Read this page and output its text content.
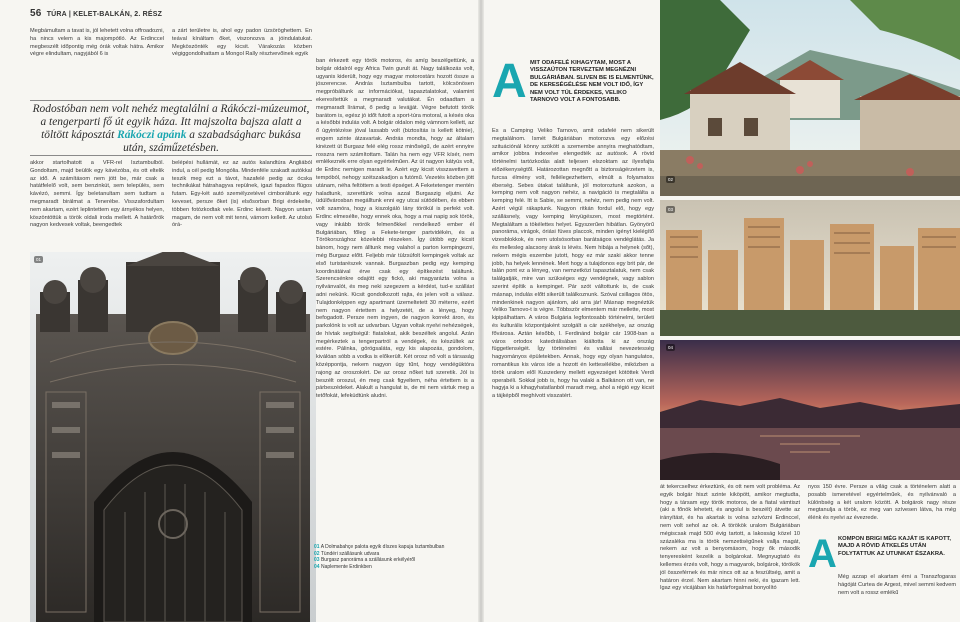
56 TÚRA | KELET-BALKÁN, 2. RÉSZ

Megbámultam a tavat is, jól lehetett volna offroadozni, ha nincs velem a kis majompótló. Az Erdinccel megbeszélt időpontig még órák voltak hátra. Amikor végre elindultam, nagyjából 6 is

a zárt területre is, ahol egy padon üzsöröghettem. Én teával kínáltam őket, viszonozva a jóindulatukat. Megköszönték egy kicsit. Várakozás közben végiggondolhattam a Mongol Rally résztvevőinek egyik

Rodostóban nem volt nehéz megtalálni a Rákóczi-múzeumot, a tengerparti fő út egyik háza. Itt majszolta bajsza alatt a töltött káposztát Rákóczi apánk a szabadságharc bukása után, száműzetésben.

akkor startolhatott a VFR-rel Isztambulból. Gondoltam, majd beülök egy kávézóba, és ott eltelik az idő. A számításom nem jött be, már csak a hatátfelelő volt, sem benzinkút, sem település, sem kávézó, semmi. Így beletanultam sem tudtam a megmaradt birálmat a Tenerébe. Visszafordultam nem akartam, ezért leplintettem egy árnyékos helyen, köszöntöttük a török oldali iroda mellett. A határőrök nagyon kedvesek voltak, beengedtek

belépési hullámát, ez az autós kalandtúra Angliából indul, a cél pedig Mongólia. Mindenféle szakadt autókkal teszik meg ezt a távot, hazafelé pedig az ócska technikákat hátrahagyva repülnek, igazi fapados flügos futam. Egy-két autó személyzetével cimboráltunk egy keveset, persze őket (is) elsősorban Brigi érdekelte, többen fotózkodtak vele. Erdinc késett. Nagyon untam magam, de nem volt mit tenni, várnom kellett. Az utolsó órá-

01
01 A Dolmabahçe palota egyik díszes kapuja Isztambulban
02 Tündéri szállásunk udvara
03 Burgasz panoráma a szállásunk erkélyéről
04 Naplemente Erdinkben

ban érkezett egy török motoros, és amíg beszélgettünk, a bolgár oldalról egy Africa Twin gurult át. Nagy találkozás volt, ugyanis kiderült, hogy egy magyar motorostárs hozott össze a jószerencse. András Isztambulba tartott, kölcsönösen megpróbáltunk az információkat, tapasztalatokat, valamint ekeresítettük a megmaradt valutákat. Én odaadtam a megmaradt lírámat, ő pedig a levájját. Végre befutott török barátom is, egész jó időt futott a sport-túra motoral, a késés oka a későbbi indulás volt. A bolgár oldalon még vámnom kellett, az ő úgyintézése jóval lassabb volt (biztosítás is kellett kötnie), engem szinte átzavartak. András mondta, hogy az általam kinézett út Burgasz felé elég rossz minőségű, de azért ennyire rosszra nem számítottam. Talán ha nem egy VFR kísér, nem emlékeznék erre olyan egyértelműen. Az út nagyon kátyús volt, de Erdinc nemigen maradt le. Azért egy kicsit visszavettem a tempóból, nehogy szétszakadjon a futómű. Vezetés közben jött utánam, néha feltöttem a testi épséget. A Feketetenger mentén haladtunk, szerettünk volna azzal Burgaszig eljutni. Az üdülővárosban megálltunk enni egy utcai sütödében, és ebben volt szamóra, hogy a kiszolgáló lány törökül is perfekt volt. Erdinc elmesélte, hogy ennek oka, hogy a mai napig sok török, vagy inkább török felmenőkkel rendelkező ember él Bulgáriában, főleg a Fekete-tenger partvidékén, és a Törökországhoz közelebbi részeken. Így útóbb egy kicsit bánom, hogy nem álltunk meg valahol a parton kempingezni, még Burgasz előtt. Feljebb már tülzsúfolt kempingek voltak az első turistarészek vannak. Burgaszban pedig egy kemping koordinátáival érve csak egy építkezést találtunk. Szerencsénkre odajött egy fickó, aki magyarázta volna a nyilvánvalót, és meg neki szegezem a kérdést, tud-e szállást adni nekünk. Kicsit gondolkozott rajta, és jelen volt a válasz. Tulajdonképpen egy apartmant üzemeltetett 30 méterre, ezért nem nagyon értettem a helyzetét, de a lényeg, hogy befogadott. Persze nem ingyen, de nagyon korrekt áron, és parkolónk is volt az udvarban. Ugyan voltak nyelvi nehézségek, de hívtak segítségül: fiatalokat, akik beszéltek angolul. Azán megérkeztek a tengerpartról a vendégek, és készültek az estére. Pálinka, görögsaláta, egy kis alapozás, gondolom, kiválóan sóbb a vodka is előkerült. Két orosz nő volt a társaság középpontja, nekem nagyon úgy tűnt, hogy vendégüktóra rajong az oroszokért. De az orosz nőket tuti szeretik. Jól is beszélt oroszul, én meg csak figyeltem, néha értettem is a párbeszédeket. Alakult a hangulat is, de mi nem vártuk meg a tetőfokát, lefeküdtünk aludni.

A MIT ODAFELÉ KIHAGYTAM, MOST A VISSZAÚTON TERVEZTEM MEGNÉZNI BULGÁRIÁBAN. SLIVEN BE IS ELMENTÜNK, DE KERESÉGÉLÉSE NEM VOLT IDŐ, ÍGY NEM VOLT TÚL ÉRDEKES, VELIKO TARNOVO VOLT A FONTOSABB.

És a Camping Veliko Tarnovo, amit odafelé nem sikerült megtalálnom. Ismét Bulgáriában motorozva egy előzési szituációnál könny szökött a szemembe annyira meghatódtam, amikor jobbra indexelve elengedték az autósok. A rövid történelmi tartózkodás alatt teljesen elszoktam az ilyesfajta előzékenységtől. Határozottan megnőtt a biztonságérzetem is, furcsa élmény volt, fellélegezhettem, elmúlt a folyamatos éberség. Sebes útakat találtunk, jól motoroztunk azokon, a kemping nem volt nagyon nehéz, a navigáció is megtalálta a kemping felé. Itt is Sabie, se semmi, nehéz, nem pedig nem volt. Azért végül rákaptunk. Nagyon ritkán fordul elő, hogy egy szállásnely, vagy kemping lényügészen, most megtörtént. Megtaláltam a tökélettes helyet. Egyszerűen hibátlan. Gyönyörű panoráma, virágok, óriási füves placcok, minden igényt kielégítő vizesblokkok, és nem utolsósorban barátságos vendéglátás. Ja és mellesleg alacsony árak is lévés. Nem hibája a helynek (sőt), nekem mégis eszembe jutott, hogy ez már szaki akkor tenne jobb, ha helyek lennének. Mert hogy a tulajdonos egy brit pár, de talán pont ez a lényeg, van nemzetközi tapasztalatuk, nem csak találgatják, mire van szükséges egy vendégnek, vagy sablon szerint építik a kempinget. Pár szót váltottunk is, de csak másnap, indulás előtt sikerült találkoznunk. Szóval csillagos ötös, mindenkinek nagyon ajánlom, aki arra jár! Másnap megnéztük Veliko Tarnovo-t is végre. Többször elmentem már mellette, most kipipálhattam. A város Bulgária legfontosabb történelmi, területi és kulturális központjaként szolgált a cár székhelye, az ország fővárosa. Aztán később, I. Ferdinánd bolgár cár 1908-ban a város ortodox katedrálisában kiáltotta ki az ország függetlenségét. Így történelmi és vallási nevezetesség hagyományos épületekben. Annak, hogy egy olyan hangulatos, romantikus kis város ide a hozott én kettesélékbe, miközben a török uralom elől Kuszedeny mellett egyezséget kötöttek Verdi operabéli. Sokkal jobb is, hogy ha valaki a Balkánon ott van, ne hagyja ki a kihagyhatatlanból maradt meg, ahol a régió egy kicsit a tájképből meghívott visszatért.

02
03
04

át tekercselhez érkeztünk, és ott nem volt probléma. Az egyik bolgár hiszt szinte kiköpött, amikor megtudta, hogy a társam egy török motoros, de a fiatal vámtiszt (aki a főnök lehetett, és angolul is beszélt) átvette az irányítást, és ha akartak is volna szívózni Erdinccel, nem volt sehol az ok. A törökök uralom Bulgáriában mégiscsak majd 500 évig tartott, a lakosság közel 10 százaléka ma is török nemzetiségűnek vallja magát, nekem az volt a benyomásom, hogy ők második tenyeresként kezelik a bolgárokat. Megnyugtató és kellemes érzés volt, hogy a magyarok, bolgárok, törökök jól összeférnek és már nincs ott az a feszültség, amit a határon érzel. Nem akartam hinni neki, és igazam lett. Igaz egy vicájában kis határforgalmat bonyolító

nyos 150 évre. Persze a világ csak a történelem alatt a posabb ismeretével egyértelműek, és nyilvánvaló a különbség a két uralom között. A bolgárok nagy része megtanulja a török, ez meg van szívesen látva, ha még élénk és nyelvi az évezrede.

A KOMPON BRIGI MÉG KAJÁT IS KAPOTT, MAJD A RÖVID ÁTKELÉS UTÁN FOLYTATTUK AZ UTUNKAT ÉSZAKRA.

Még azzap el akartam érni a Transzfogaras hágóját Curtea de Argest, mivel semmi kedvem nem volt a rossz emlékű
